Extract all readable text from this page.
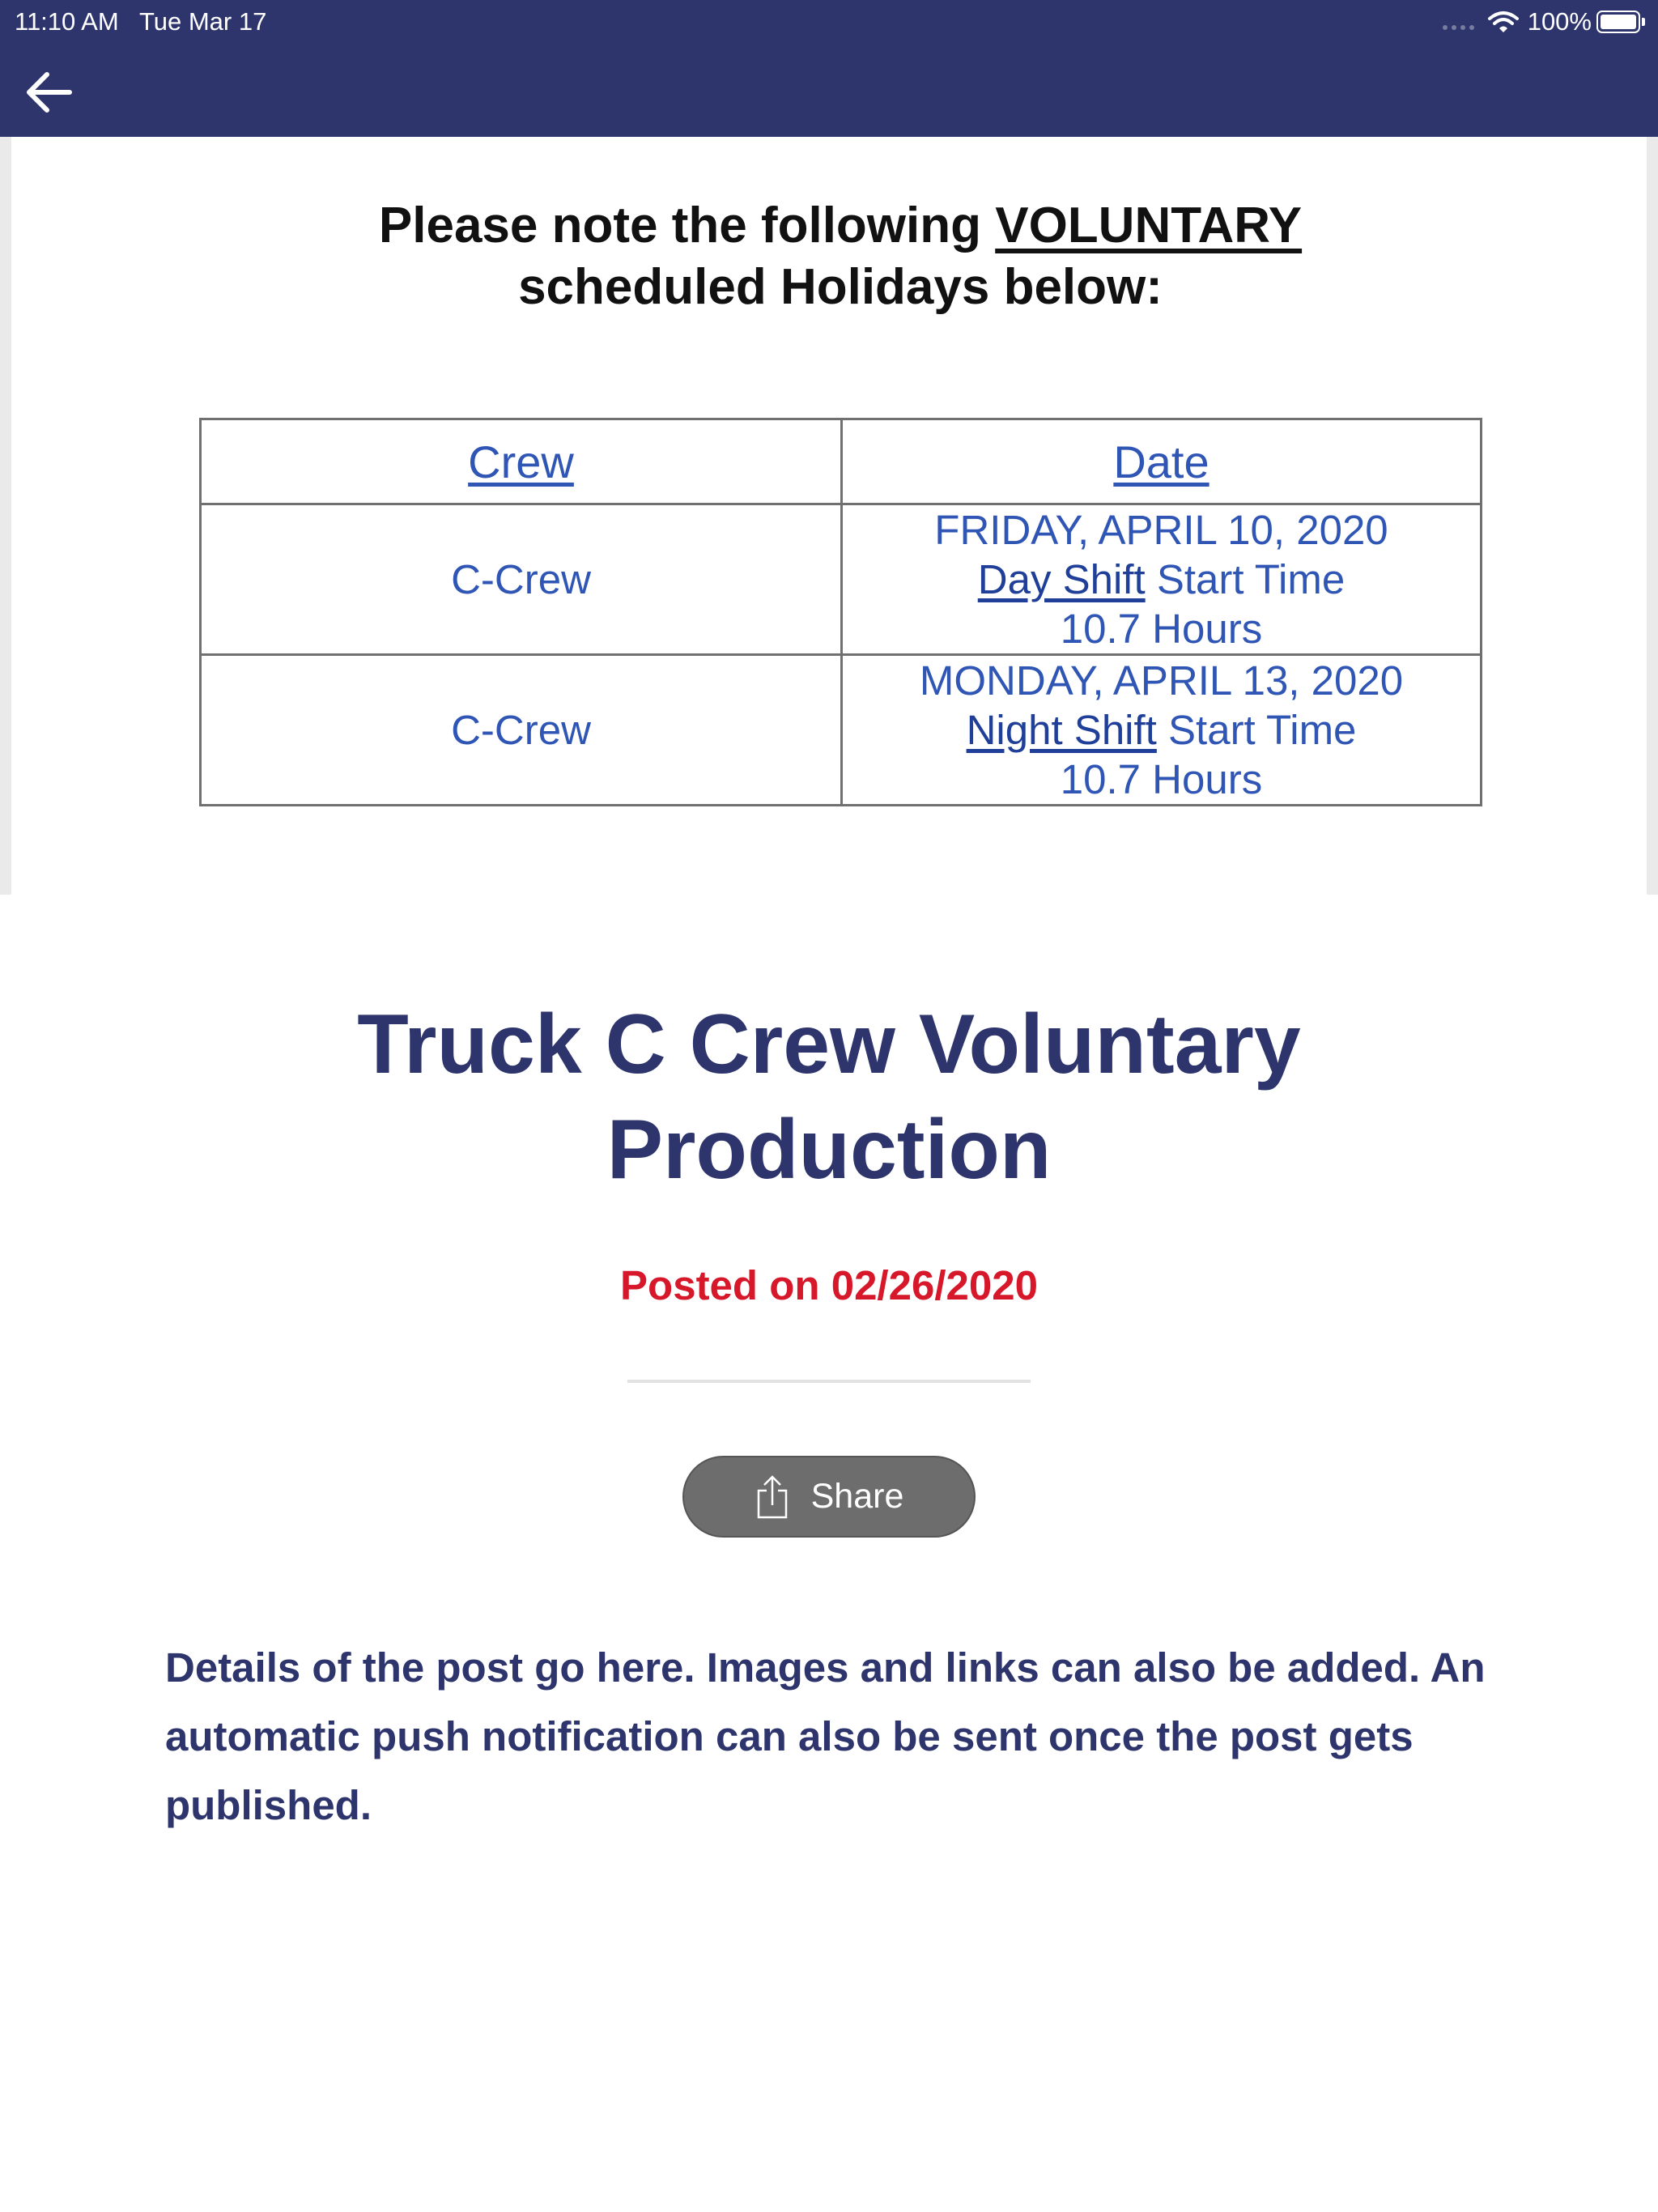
11:10 AM   Tue Mar 17	100%
Please note the following VOLUNTARY
scheduled Holidays below:
Crew	Date
C-Crew	FRIDAY, APRIL 10, 2020
Day Shift Start Time
10.7 Hours

C-Crew	MONDAY, APRIL 13, 2020
Night Shift Start Time
10.7 Hours
Truck C Crew Voluntary
Production
Posted on 02/26/2020
Share
Details of the post go here. Images and links can also be added. An automatic push notification can also be sent once the post gets published.
